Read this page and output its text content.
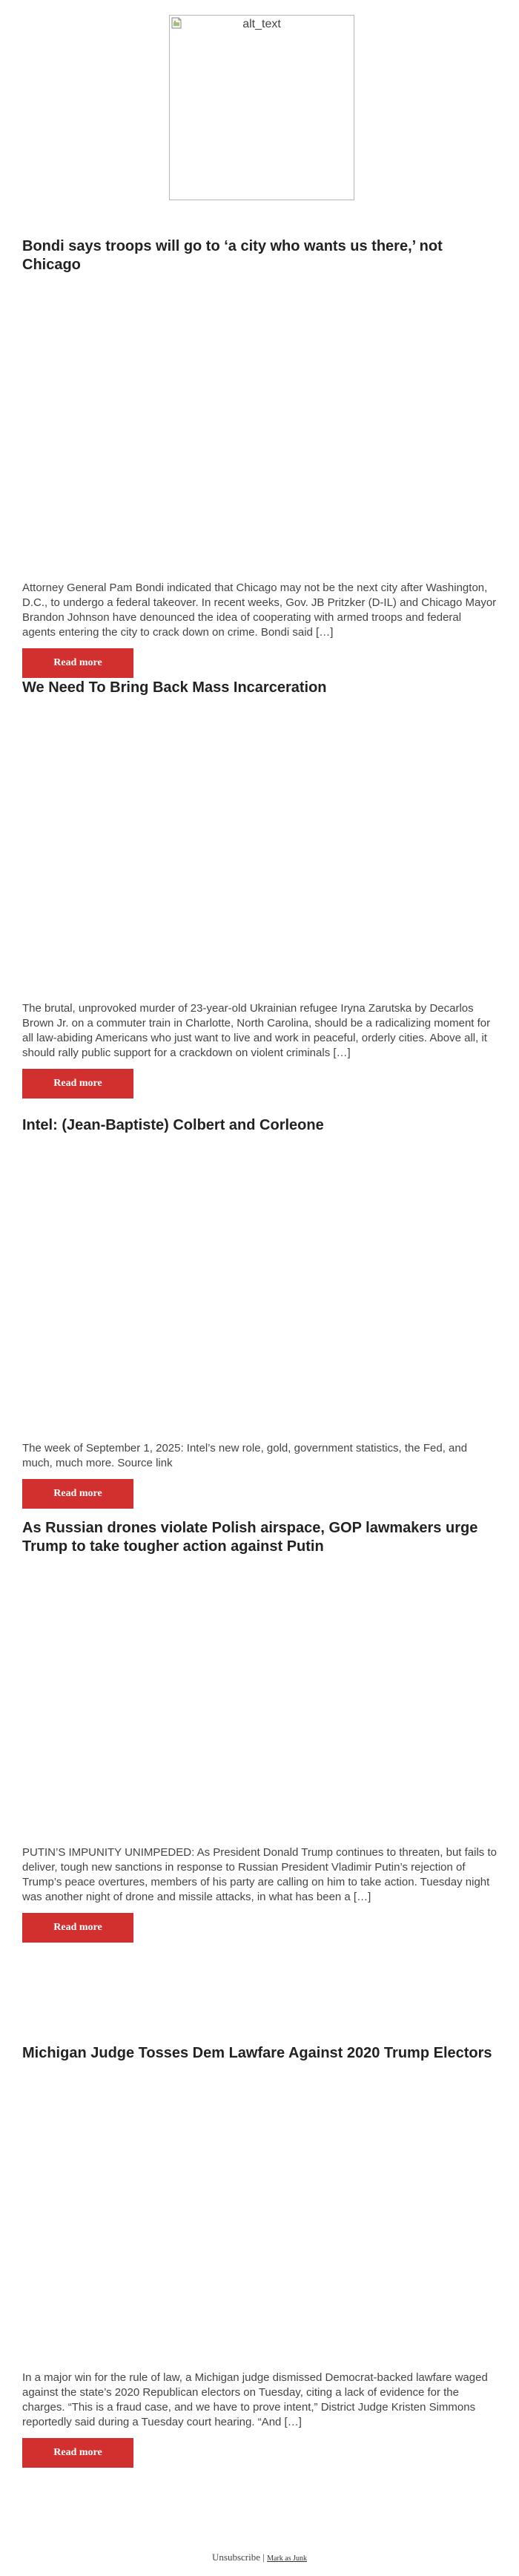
alt_text
Bondi says troops will go to ‘a city who wants us there,’ not Chicago

Attorney General Pam Bondi indicated that Chicago may not be the next city after Washington, D.C., to undergo a federal takeover. In recent weeks, Gov. JB Pritzker (D-IL) and Chicago Mayor Brandon Johnson have denounced the idea of cooperating with armed troops and federal agents entering the city to crack down on crime. Bondi said […]

Read more
We Need To Bring Back Mass Incarceration

The brutal, unprovoked murder of 23-year-old Ukrainian refugee Iryna Zarutska by Decarlos Brown Jr. on a commuter train in Charlotte, North Carolina, should be a radicalizing moment for all law-abiding Americans who just want to live and work in peaceful, orderly cities. Above all, it should rally public support for a crackdown on violent criminals […]

Read more
Intel: (Jean-Baptiste) Colbert and Corleone

The week of September 1, 2025: Intel’s new role, gold, government statistics, the Fed, and much, much more. Source link

Read more
As Russian drones violate Polish airspace, GOP lawmakers urge Trump to take tougher action against Putin

PUTIN’S IMPUNITY UNIMPEDED: As President Donald Trump continues to threaten, but fails to deliver, tough new sanctions in response to Russian President Vladimir Putin’s rejection of Trump’s peace overtures, members of his party are calling on him to take action. Tuesday night was another night of drone and missile attacks, in what has been a […]

Read more
Michigan Judge Tosses Dem Lawfare Against 2020 Trump Electors

In a major win for the rule of law, a Michigan judge dismissed Democrat-backed lawfare waged against the state’s 2020 Republican electors on Tuesday, citing a lack of evidence for the charges. “This is a fraud case, and we have to prove intent,” District Judge Kristen Simmons reportedly said during a Tuesday court hearing. “And […]

Read more
Unsubscribe | Mark as Junk
